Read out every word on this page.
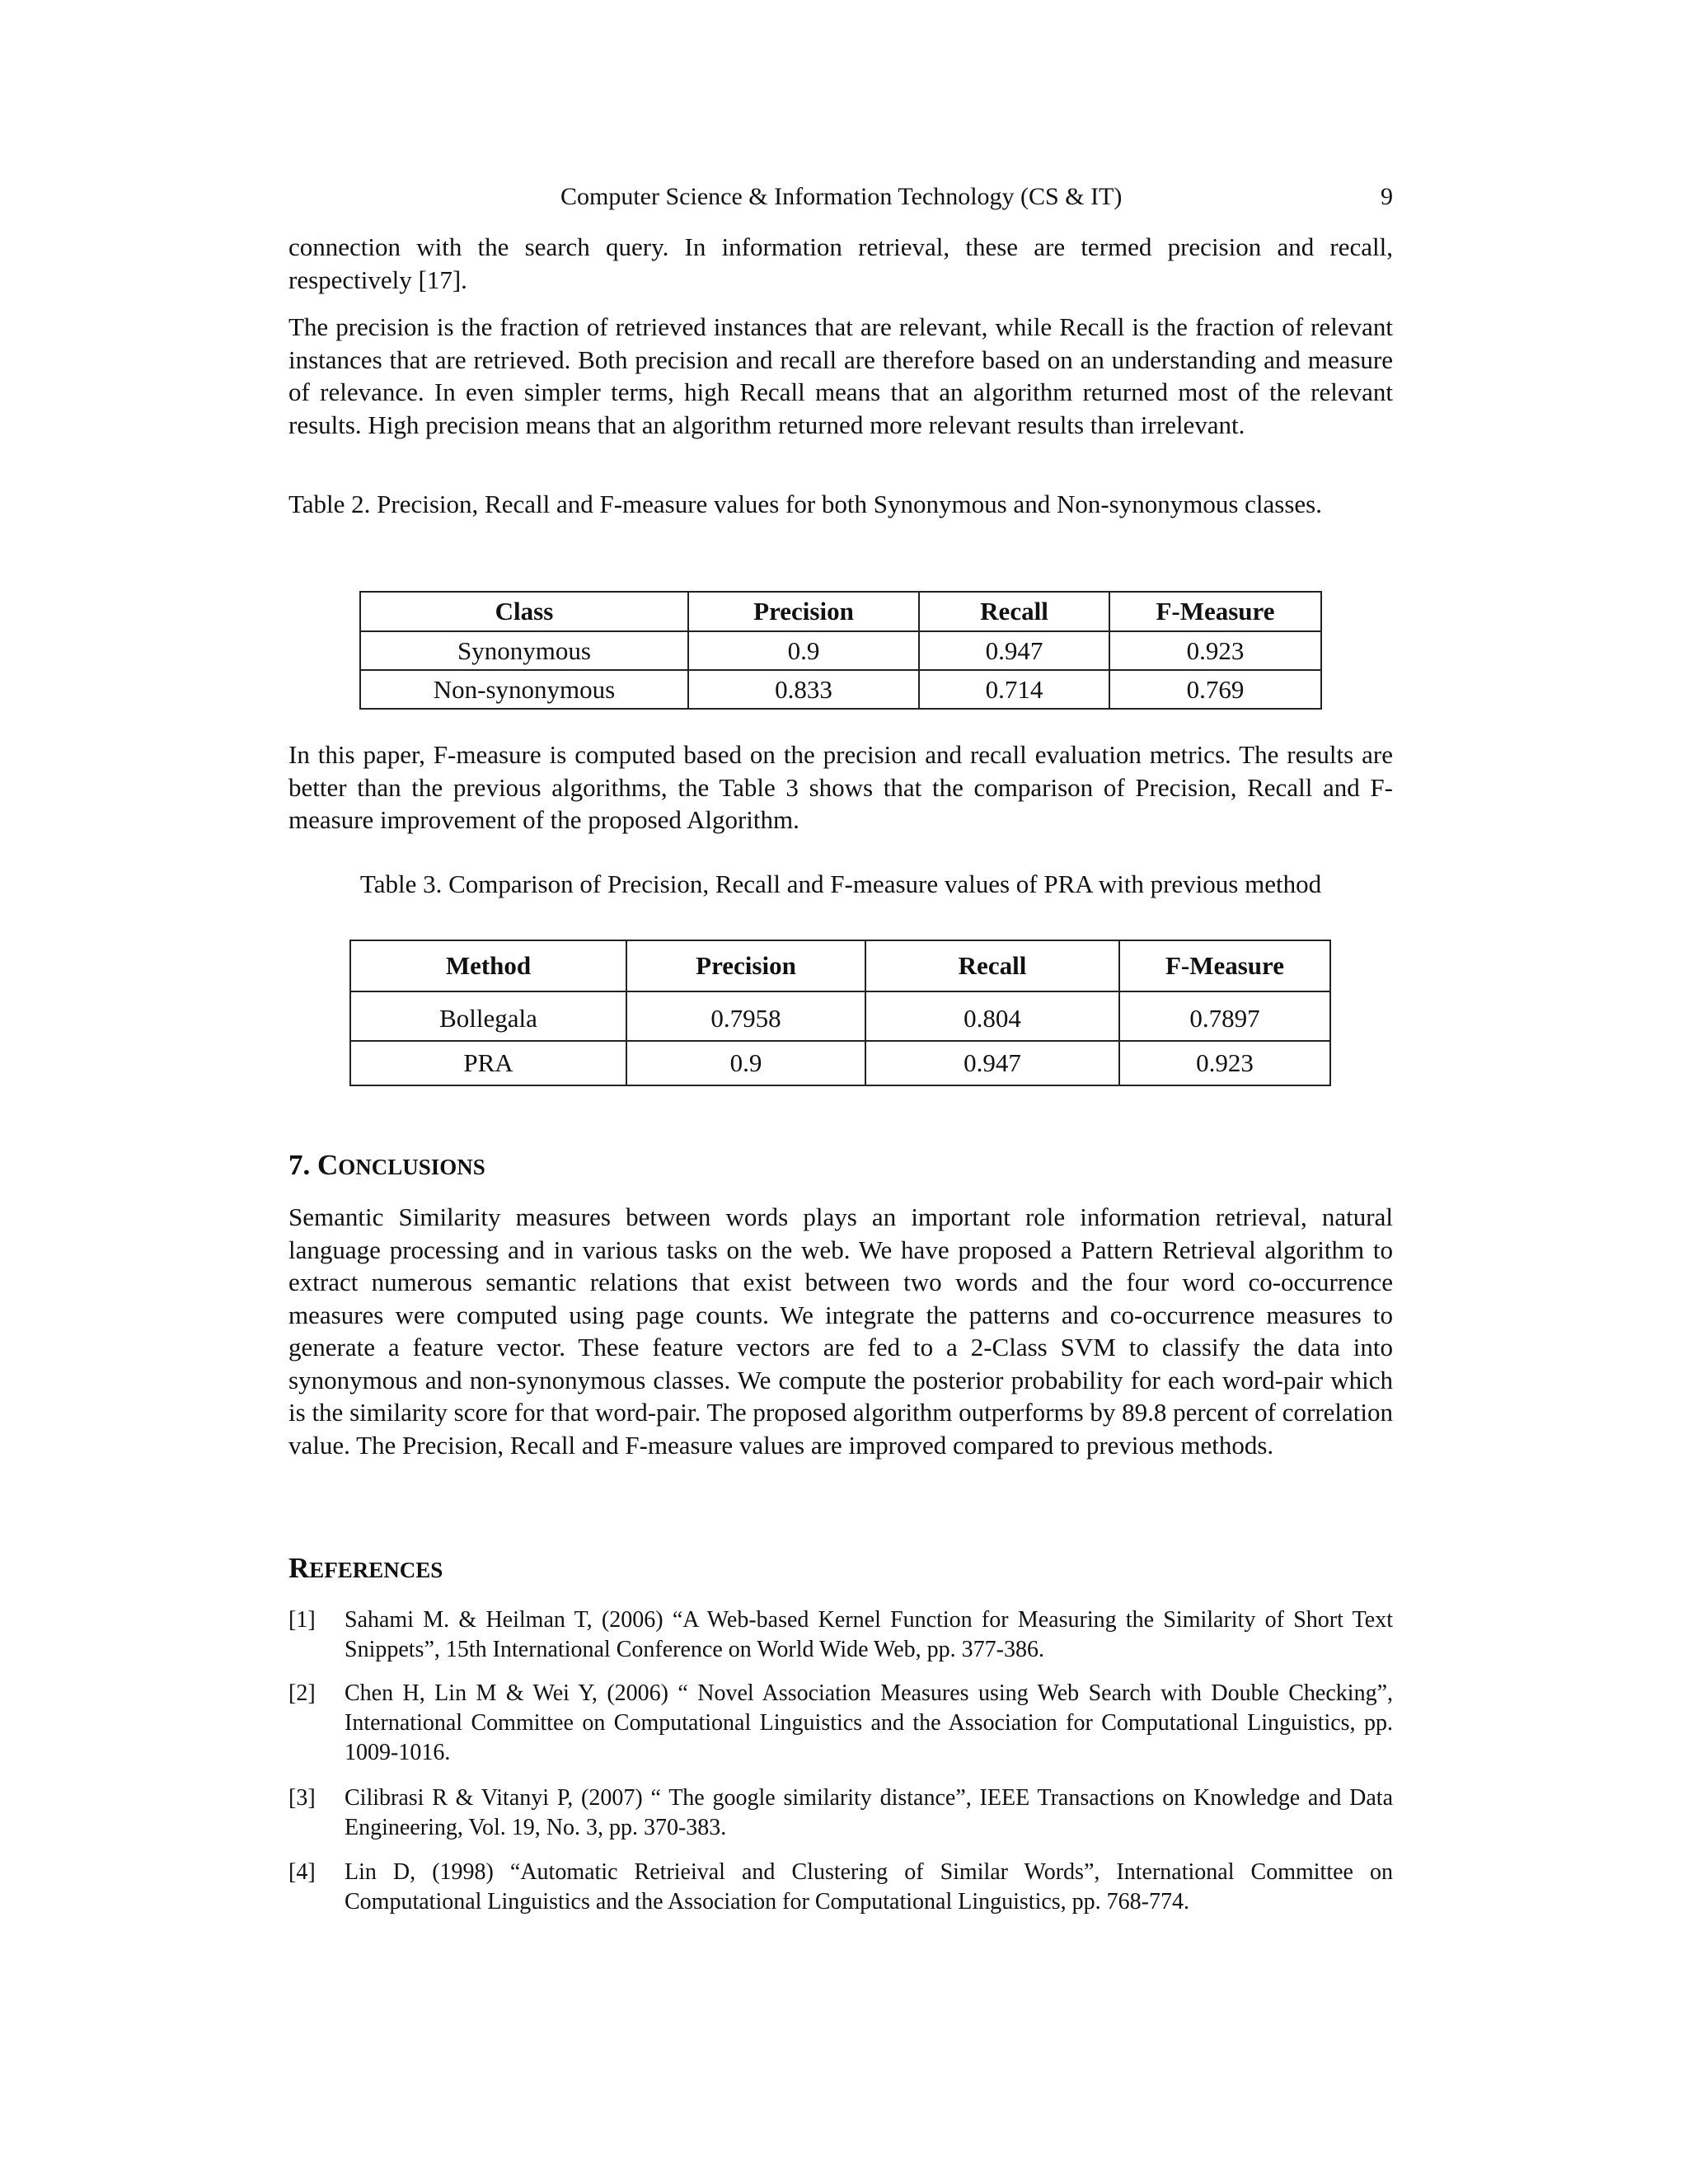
Computer Science & Information Technology (CS & IT)	9

connection with the search query. In information retrieval, these are termed precision and recall, respectively [17].

The precision is the fraction of retrieved instances that are relevant, while Recall is the fraction of relevant instances that are retrieved. Both precision and recall are therefore based on an understanding and measure of relevance. In even simpler terms, high Recall means that an algorithm returned most of the relevant results. High precision means that an algorithm returned more relevant results than irrelevant.

Table 2. Precision, Recall and F-measure values for both Synonymous and Non-synonymous classes.

Class	Precision	Recall	F-Measure
Synonymous	0.9	0.947	0.923
Non-synonymous	0.833	0.714	0.769

In this paper, F-measure is computed based on the precision and recall evaluation metrics. The results are better than the previous algorithms, the Table 3 shows that the comparison of Precision, Recall and F-measure improvement of the proposed Algorithm.

Table 3. Comparison of Precision, Recall and F-measure values of PRA with previous method

Method	Precision	Recall	F-Measure
Bollegala	0.7958	0.804	0.7897
PRA	0.9	0.947	0.923
7. CONCLUSIONS

Semantic Similarity measures between words plays an important role information retrieval, natural language processing and in various tasks on the web. We have proposed a Pattern Retrieval algorithm to extract numerous semantic relations that exist between two words and the four word co-occurrence measures were computed using page counts. We integrate the patterns and co-occurrence measures to generate a feature vector. These feature vectors are fed to a 2-Class SVM to classify the data into synonymous and non-synonymous classes. We compute the posterior probability for each word-pair which is the similarity score for that word-pair. The proposed algorithm outperforms by 89.8 percent of correlation value. The Precision, Recall and F-measure values are improved compared to previous methods.

REFERENCES
[1] Sahami M. & Heilman T, (2006) “A Web-based Kernel Function for Measuring the Similarity of Short Text Snippets”, 15th International Conference on World Wide Web, pp. 377-386.
[2] Chen H, Lin M & Wei Y, (2006) “ Novel Association Measures using Web Search with Double Checking”, International Committee on Computational Linguistics and the Association for Computational Linguistics, pp. 1009-1016.
[3] Cilibrasi R & Vitanyi P, (2007) “ The google similarity distance”, IEEE Transactions on Knowledge and Data Engineering, Vol. 19, No. 3, pp. 370-383.
[4] Lin D, (1998) “Automatic Retrieival and Clustering of Similar Words”, International Committee on Computational Linguistics and the Association for Computational Linguistics, pp. 768-774.
